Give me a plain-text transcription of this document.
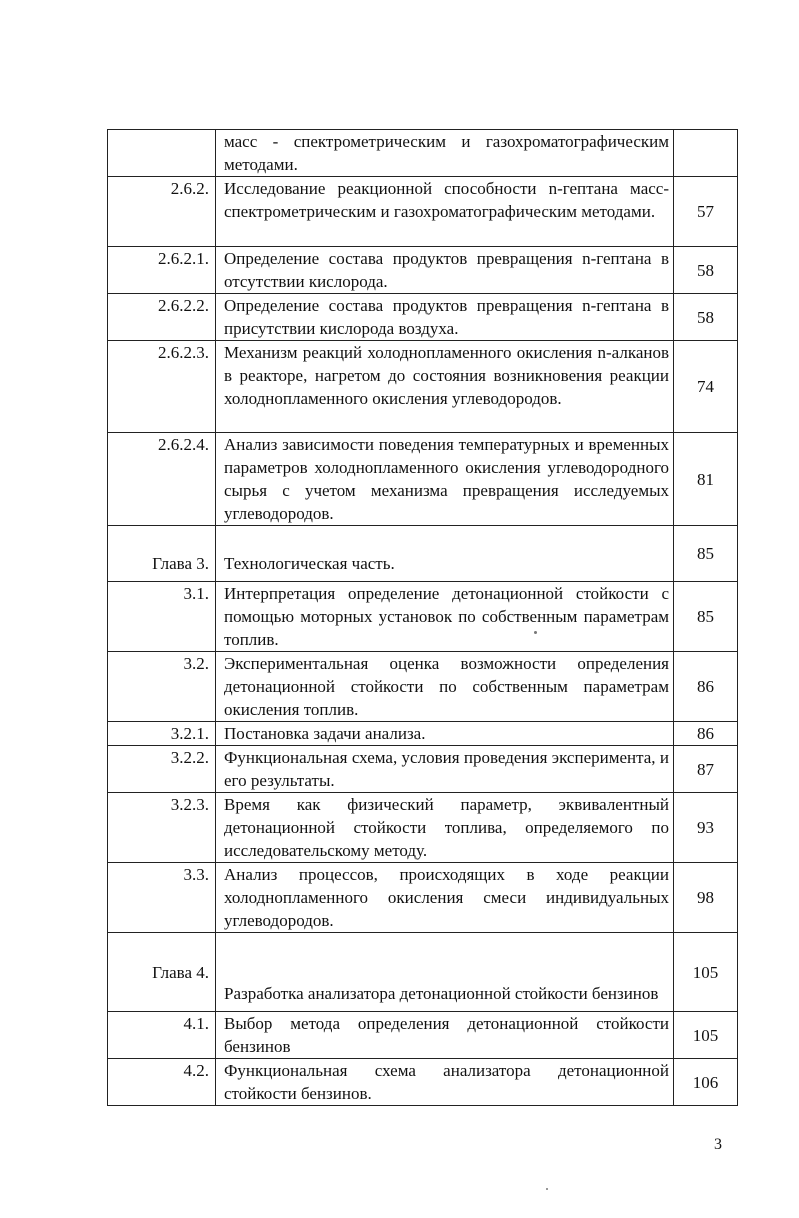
	масс - спектрометрическим и газохроматографическим методами.	
2.6.2.	Исследование реакционной способности n-гептана масс- спектрометрическим и газохроматографическим методами.	57
2.6.2.1.	Определение состава продуктов превращения n-гептана в отсутствии кислорода.	58
2.6.2.2.	Определение состава продуктов превращения n-гептана в присутствии кислорода воздуха.	58
2.6.2.3.	Механизм реакций холоднопламенного окисления n-алканов в реакторе, нагретом до состояния возникновения реакции холоднопламенного окисления углеводородов.	74
2.6.2.4.	Анализ зависимости поведения температурных и временных параметров холоднопламенного окисления углеводородного сырья с учетом механизма превращения исследуемых углеводородов.	81
Глава 3.	Технологическая часть.	85
3.1.	Интерпретация определение детонационной стойкости с помощью моторных установок по собственным параметрам топлив.	85
3.2.	Экспериментальная оценка возможности определения детонационной стойкости по собственным параметрам окисления топлив.	86
3.2.1.	Постановка задачи анализа.	86
3.2.2.	Функциональная схема, условия проведения эксперимента, и его результаты.	87
3.2.3.	Время как физический параметр, эквивалентный детонационной стойкости топлива, определяемого по исследовательскому методу.	93
3.3.	Анализ процессов, происходящих в ходе реакции холоднопламенного окисления смеси индивидуальных углеводородов.	98
Глава 4.	Разработка анализатора детонационной стойкости бензинов	105
4.1.	Выбор метода определения детонационной стойкости бензинов	105
4.2.	Функциональная схема анализатора детонационной стойкости бензинов.	106
3
